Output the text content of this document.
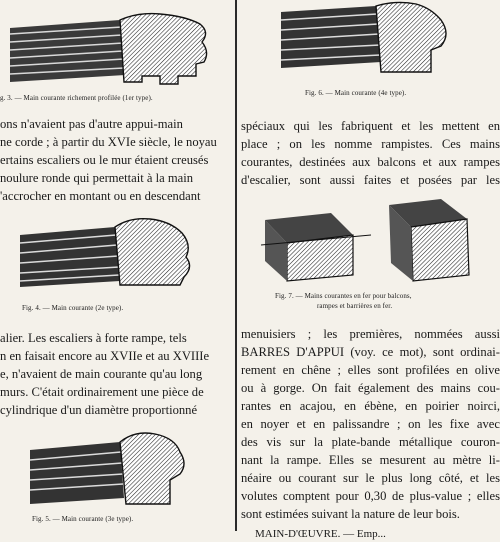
g. 3. — Main courante richement profilée (1er type).
ons n'avaient pas d'autre appui-main
ne corde ; à partir du XVIe siècle, le noyau
ertains escaliers ou le mur étaient creusés
noulure ronde qui permettait à la main
'accrocher en montant ou en descendant
Fig. 4. — Main courante (2e type).
alier. Les escaliers à forte rampe, tels
n en faisait encore au XVIIe et au XVIIIe
e, n'avaient de main courante qu'au long
murs. C'était ordinairement une pièce de
cylindrique d'un diamètre proportionné
Fig. 5. — Main courante (3e type).
Fig. 6. — Main courante (4e type).
spéciaux qui les fabriquent et les mettent en
place ; on les nomme rampistes. Ces mains
courantes, destinées aux balcons et aux rampes
d'escalier, sont aussi faites et posées par les
Fig. 7. — Mains courantes en fer pour balcons,
rampes et barrières en fer.
menuisiers ; les premières, nommées aussi
BARRES D'APPUI (voy. ce mot), sont ordinai-
rement en chêne ; elles sont profilées en olive
ou à gorge. On fait également des mains cou-
rantes en acajou, en ébène, en poirier noirci,
en noyer et en palissandre ; on les fixe avec
des vis sur la plate-bande métallique couron-
nant la rampe. Elles se mesurent au mètre li-
néaire ou courant sur le plus long côté, et les
volutes comptent pour 0,30 de plus-value ; elles
sont estimées suivant la nature de leur bois.
MAIN-D'ŒUVRE. — Emp...
